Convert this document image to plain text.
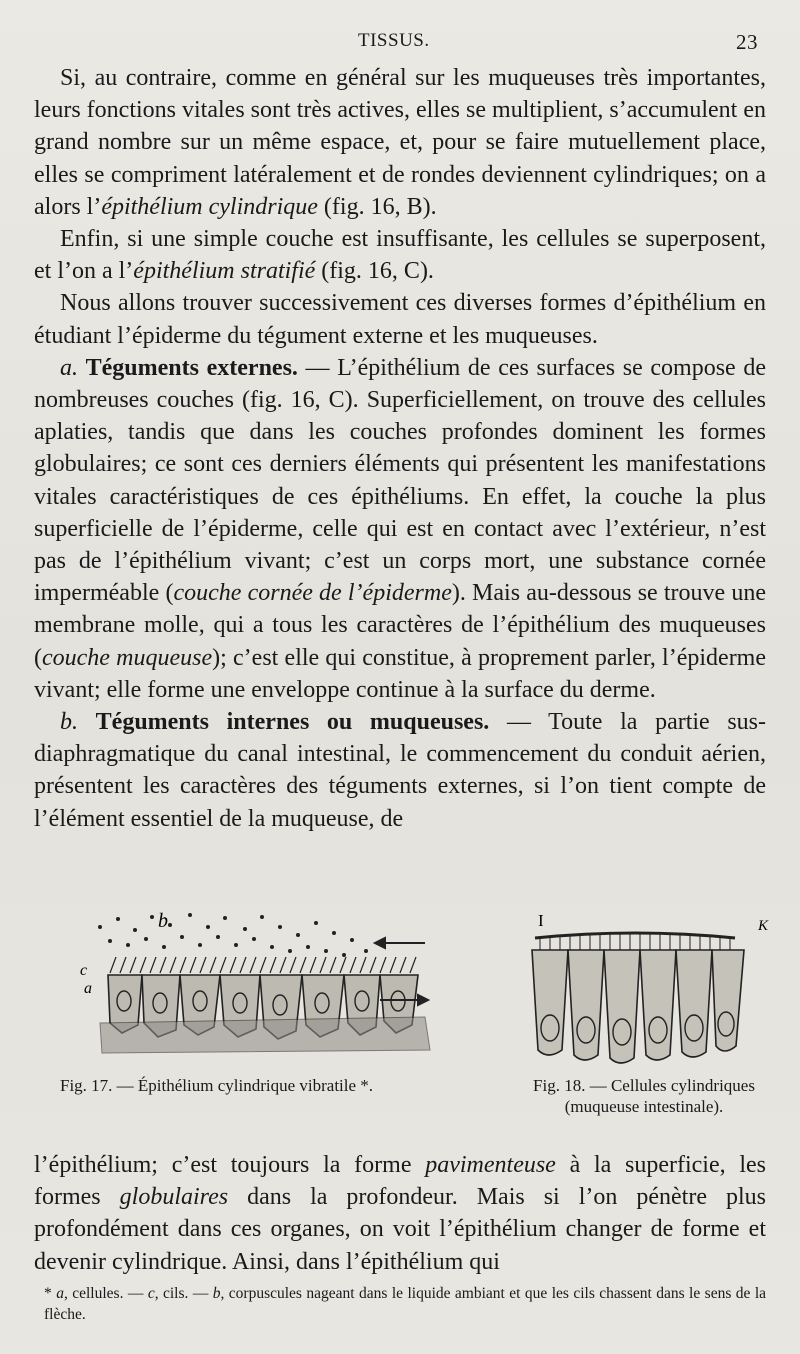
TISSUS.	23

Si, au contraire, comme en général sur les muqueuses très importantes, leurs fonctions vitales sont très actives, elles se multiplient, s’accumulent en grand nombre sur un même espace, et, pour se faire mutuellement place, elles se compriment latéralement et de rondes deviennent cylindriques; on a alors l’épithélium cylindrique (fig. 16, B).

Enfin, si une simple couche est insuffisante, les cellules se superposent, et l’on a l’épithélium stratifié (fig. 16, C).

Nous allons trouver successivement ces diverses formes d’épithélium en étudiant l’épiderme du tégument externe et les muqueuses.

a. Téguments externes. — L’épithélium de ces surfaces se compose de nombreuses couches (fig. 16, C). Superficiellement, on trouve des cellules aplaties, tandis que dans les couches profondes dominent les formes globulaires; ce sont ces derniers éléments qui présentent les manifestations vitales caractéristiques de ces épithéliums. En effet, la couche la plus superficielle de l’épiderme, celle qui est en contact avec l’extérieur, n’est pas de l’épithélium vivant; c’est un corps mort, une substance cornée imperméable (couche cornée de l’épiderme). Mais au-dessous se trouve une membrane molle, qui a tous les caractères de l’épithélium des muqueuses (couche muqueuse); c’est elle qui constitue, à proprement parler, l’épiderme vivant; elle forme une enveloppe continue à la surface du derme.

b. Téguments internes ou muqueuses. — Toute la partie sus-diaphragmatique du canal intestinal, le commencement du conduit aérien, présentent les caractères des téguments externes, si l’on tient compte de l’élément essentiel de la muqueuse, de

b
c
a
I	K
Fig. 17. — Épithélium cylindrique vibratile *.	Fig. 18. — Cellules cylindriques
(muqueuse intestinale).

l’épithélium; c’est toujours la forme pavimenteuse à la superficie, les formes globulaires dans la profondeur. Mais si l’on pénètre plus profondément dans ces organes, on voit l’épithélium changer de forme et devenir cylindrique. Ainsi, dans l’épithélium qui

* a, cellules. — c, cils. — b, corpuscules nageant dans le liquide ambiant et que les cils chassent dans le sens de la flèche.
